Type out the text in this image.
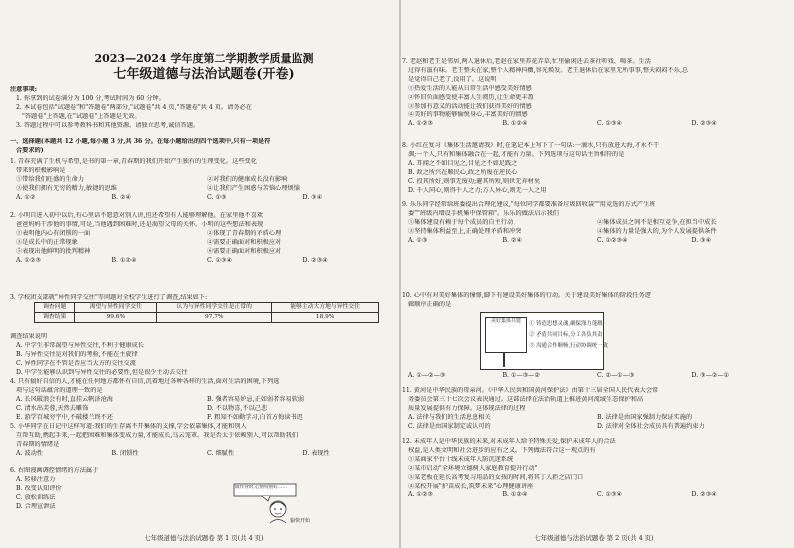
2023—2024 学年度第二学期教学质量监测
七年级道德与法治试题卷(开卷)
注意事项:
1. 你拿到的试卷满分为 100 分,考试时间为 60 分钟。
2. 本试卷包括"试题卷"和"答题卷"两部分,"试题卷"共 4 页,"答题卷"共 4 页。请务必在
"答题卷"上答题,在"试题卷"上答题是无效。
3. 答题过程中可以参考教科书和其他资源。请独立思考,诚信答题。
一、选择题(本题共 12 小题,每小题 3 分,共 36 分。在每小题给出的四个选项中,只有一项是符
合要求的)
1. 青春充满了生机与希望,是书的第一章,青春期的我们开始产生独有的生理变化。这些变化
带来的积极影响是
①带给我们旺盛的生命力	②对我们的健康成长没有影响
③使我们拥有无穷的精力,敏捷的思维	④让我们产生困惑与苦恼心理烦恼
A. ①②	B. ②④	C. ①③	D. ③④
2. 小明自进入初中以后,有心里话不愿意对别人讲,但还希望有人能够理解他。在家里他不喜欢
爸爸妈妈干涉他的事情,可是,当他遇到困难时,还是渴望父母的关怀。小明的这些想法和表现
①表明他内心有闭锁的一面	②体现了青春期的矛盾心理
③是成长中的正常现象	④需要正确面对和积极应对
⑤表现出他鲜明的批判精神	⑥需要正确面对和积极应对
A. ①②③	B. ①②④	C. ①③④	D. ②③④
3. 学校团支部就"异性同学交往"等问题对全校学生进行了调查,结果如下:
调查问题	渴望与异性同学交往	认为与异性同学交往是正常的	能够主动大方地与异性交往
调查结果	99.6%	97.7%	18.9%
调查结果说明
A. 中学生非常渴望与异性交往,不利于健康成长
B. 与异性交往是对我们的考验,不能在主旋律
C. 异性同学在不管是否应当大方的交往交流
D. 中学生能够认识到与异性交往的必要性,但是很少主动去交往
4. 只有搞好自信的人,才能在任何地方都怀有自信,沉着地过各种各样的生活,面对生活的困境,下列选
项与这句话蕴含的道理一致的是
A. 长风破浪会有时,直挂云帆济沧海	B. 强者容易妒忌,正如弱者容易软弱
C. 清水出芙蓉,天然去雕饰	D. 不以物喜,不以己悲
E. 游学百城穷宇中,不破楼兰终不还	F. 粗知不如勤学习,白首方悔读书迟
5. 小华同学在日记中这样写道:我们的生存离不开集体的支撑,学会依靠集体,才能和别人
互帮互助,携起手来,一起把困难和集体变成力量,才能成长,乌云笼罩。我是否太于依赖别人,可以帮助我们
青春期的情绪是
A. 波动性	B. 闭锁性	C. 细腻性	D. 表现性
6. 右图漫画调控情绪的方法属于
A. 转移注意力
B. 改变认知评价
C. 放松训练法
D. 合理宣泄法
做作业时,心情特别好……
愉快开始
七年级道德与法治试题卷 第 1 页(共 4 页)
7. 老赵和老王是邻居,两人退休后,老赵在家里养花弄草,忙里偷闲还去茶社听戏、喝茶。生活
过得有滋有味。老王整天在家,整个人精神抖擞,容光焕发。老王退休后在家里无所事事,整天闷闷不乐,总
是觉得自己老了,没用了。这说明
①热爱生活的人能从日常生活中感受美好情感
②怀旧负面感受使丰富人生阅历,让生命更丰盈
③参加有意义的活动能让我们获得美好的情感
④美好的事物能够愉悦身心,丰富美好的情感
A. ①②③	B. ①②④	C. ①③④	D. ②③④
8. 小红在复习《集体生活邀请我》时,在笔记本上写下了一句话:一滴水,只有放进大海,才永不干
涸;一个人,只有和集体融合在一起,才能有力量。下列选项与这句话主旨相符的是
A. 耳闻之不如目见之,目见之不如足践之
B. 政之所兴在顺民心,政之所废在逆民心
C. 投其所好,则事无废功;避其所短,则世无弃材矣
D. 千人同心,则得千人之力;万人异心,则无一人之用
9. 乐乐同学经常给班委提出合理化建议,"每位同学都要准备垃圾回收袋""用竞选的方式产生班
委""班级内增设手机集中保管箱"。乐乐的做法启示我们
①集体建设有赖于每个成员的自主行动	②集体成员之间不是相互竞争,在担当中成长
③坚持集体利益至上,正确处理矛盾和冲突	④集体的力量是强大的,为个人发展提供条件
A. ①③	B. ②④	C. ①②③④	D. ③④
10. 心中有对美好集体的憧憬,脚下有建设美好集体的行动。关于建设美好集体的阶段任务逻
辑顺序正确的是
美好集体共建	① 铸造思想灵魂,确保涤力蓬溉
② 矛盾共同目标,分工各负其责
③ 沟通合作顺畅,行动协调统一致
A. ①—②—③	B. ①—③—②	C. ②—①—③	D. ③—②—①
11. 黄河是中华民族的母亲河。《中华人民共和国黄河保护法》由第十三届全国人民代表大会常
务委员会第三十七次会议表决通过。这部法律在法治轨道上推进黄河流域生态保护和高
质量发展提供有力保障。这体现法律的过程
A. 法律与我们的生活息息相关	B. 法律是由国家强制力保证实施的
C. 法律是由国家制定或认可的	D. 法律对全体社会成员具有普遍约束力
12. 未成年人是中华民族的未来,对未成年人给予特殊关爱,保护未成年人的合法
权益,是人类文明和社会进步的应有之义。下列做法符合这一观点的有
①某商家平台十线未成年人防沉迷系统
②某市启动"全环境立德树人家庭教育提升行动"
③某老板在延长高考复习用品的女孩的时间,将其丁人拒之店门口
④某校开展"护苗成长,筑梦未来"心理健康讲座
A. ①②③	B. ①②④	C. ①③④	D. ②③④
七年级道德与法治试题卷 第 2 页(共 4 页)
